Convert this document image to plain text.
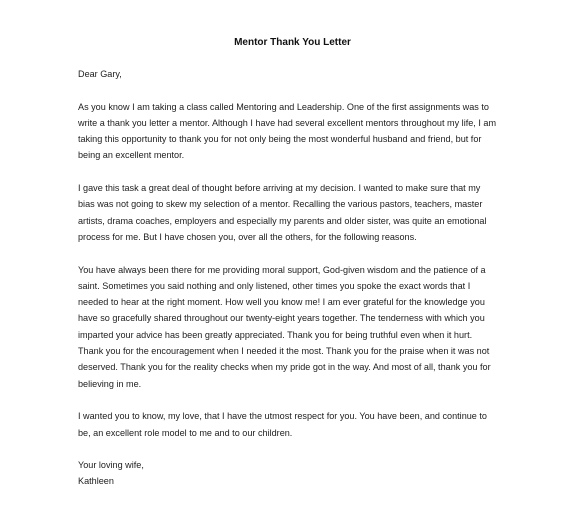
Mentor Thank You Letter

Dear Gary,

As you know I am taking a class called Mentoring and Leadership. One of the first assignments was to
write a thank you letter a mentor. Although I have had several excellent mentors throughout my life, I am
taking this opportunity to thank you for not only being the most wonderful husband and friend, but for
being an excellent mentor.

I gave this task a great deal of thought before arriving at my decision. I wanted to make sure that my
bias was not going to skew my selection of a mentor. Recalling the various pastors, teachers, master
artists, drama coaches, employers and especially my parents and older sister, was quite an emotional
process for me. But I have chosen you, over all the others, for the following reasons.

You have always been there for me providing moral support, God-given wisdom and the patience of a
saint. Sometimes you said nothing and only listened, other times you spoke the exact words that I
needed to hear at the right moment. How well you know me! I am ever grateful for the knowledge you
have so gracefully shared throughout our twenty-eight years together. The tenderness with which you
imparted your advice has been greatly appreciated. Thank you for being truthful even when it hurt.
Thank you for the encouragement when I needed it the most. Thank you for the praise when it was not
deserved. Thank you for the reality checks when my pride got in the way. And most of all, thank you for
believing in me.

I wanted you to know, my love, that I have the utmost respect for you. You have been, and continue to
be, an excellent role model to me and to our children.

Your loving wife,
Kathleen
